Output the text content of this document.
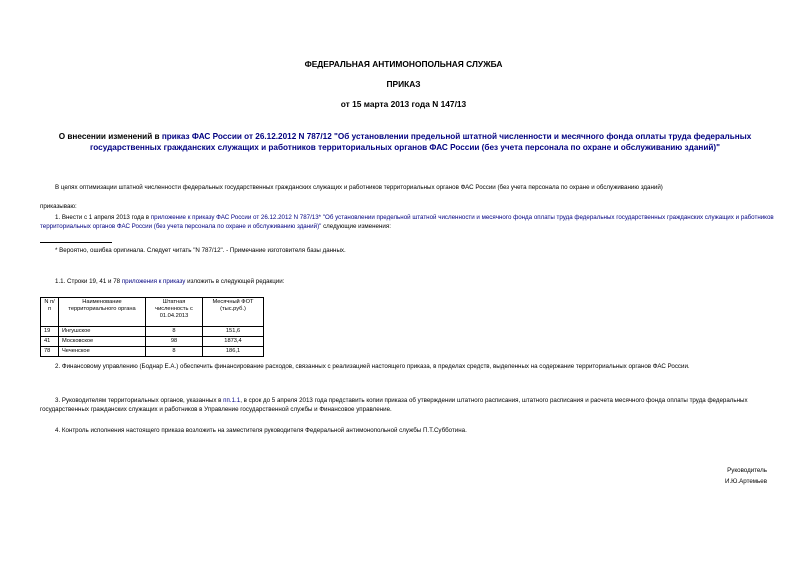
ФЕДЕРАЛЬНАЯ АНТИМОНОПОЛЬНАЯ СЛУЖБА
ПРИКАЗ
от 15 марта 2013 года N 147/13
О внесении изменений в приказ ФАС России от 26.12.2012 N 787/12 "Об установлении предельной штатной численности и месячного фонда оплаты труда федеральных государственных гражданских служащих и работников территориальных органов ФАС России (без учета персонала по охране и обслуживанию зданий)"
В целях оптимизации штатной численности федеральных государственных гражданских служащих и работников территориальных органов ФАС России (без учета персонала по охране и обслуживанию зданий)
приказываю:
1. Внести с 1 апреля 2013 года в приложение к приказу ФАС России от 26.12.2012 N 787/13* "Об установлении предельной штатной численности и месячного фонда оплаты труда федеральных государственных гражданских служащих и работников территориальных органов ФАС России (без учета персонала по охране и обслуживанию зданий)" следующие изменения:
* Вероятно, ошибка оригинала. Следует читать "N 787/12". - Примечание изготовителя базы данных.
1.1. Строки 19, 41 и 78 приложения к приказу изложить в следующей редакции:
N п/п	Наименование территориального органа	Штатная численность с 01.04.2013	Месячный ФОТ (тыс.руб.)
19	Ингушское	8	151,6
41	Московское	98	1873,4
78	Чеченское	8	186,1
2. Финансовому управлению (Боднар Е.А.) обеспечить финансирование расходов, связанных с реализацией настоящего приказа, в пределах средств, выделенных на содержание территориальных органов ФАС России.
3. Руководителям территориальных органов, указанных в пп.1.1, в срок до 5 апреля 2013 года представить копии приказа об утверждении штатного расписания, штатного расписания и расчета месячного фонда оплаты труда федеральных государственных гражданских служащих и работников в Управление государственной службы и Финансовое управление.
4. Контроль исполнения настоящего приказа возложить на заместителя руководителя Федеральной антимонопольной службы П.Т.Субботина.
Руководитель
И.Ю.Артемьев
